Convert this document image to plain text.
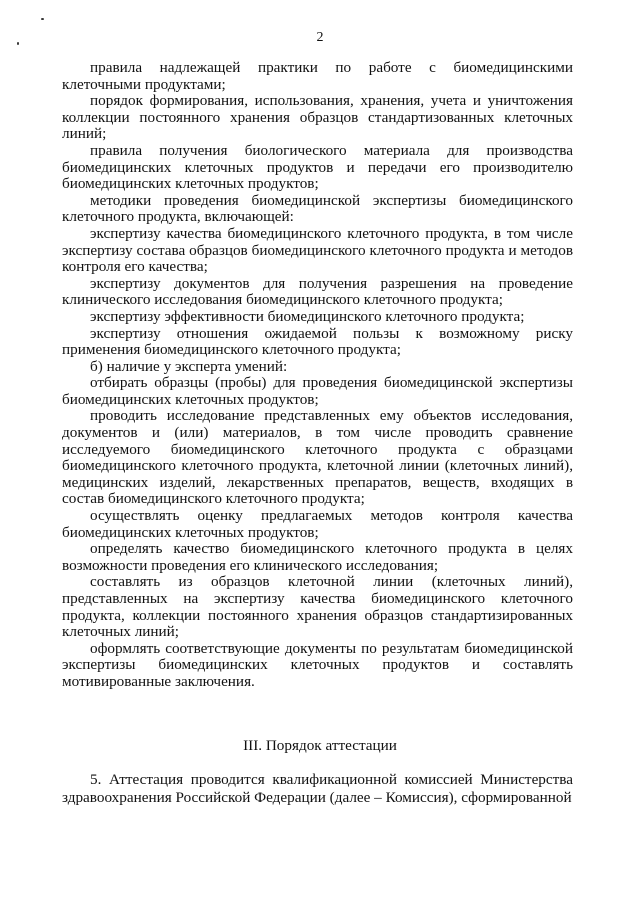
2

правила надлежащей практики по работе с биомедицинскими клеточными продуктами;

порядок формирования, использования, хранения, учета и уничтожения коллекции постоянного хранения образцов стандартизованных клеточных линий;

правила получения биологического материала для производства биомедицинских клеточных продуктов и передачи его производителю биомедицинских клеточных продуктов;

методики проведения биомедицинской экспертизы биомедицинского клеточного продукта, включающей:

экспертизу качества биомедицинского клеточного продукта, в том числе экспертизу состава образцов биомедицинского клеточного продукта и методов контроля его качества;

экспертизу документов для получения разрешения на проведение клинического исследования биомедицинского клеточного продукта;

экспертизу эффективности биомедицинского клеточного продукта;

экспертизу отношения ожидаемой пользы к возможному риску применения биомедицинского клеточного продукта;

б) наличие у эксперта умений:

отбирать образцы (пробы) для проведения биомедицинской экспертизы биомедицинских клеточных продуктов;

проводить исследование представленных ему объектов исследования, документов и (или) материалов, в том числе проводить сравнение исследуемого биомедицинского клеточного продукта с образцами биомедицинского клеточного продукта, клеточной линии (клеточных линий), медицинских изделий, лекарственных препаратов, веществ, входящих в состав биомедицинского клеточного продукта;

осуществлять оценку предлагаемых методов контроля качества биомедицинских клеточных продуктов;

определять качество биомедицинского клеточного продукта в целях возможности проведения его клинического исследования;

составлять из образцов клеточной линии (клеточных линий), представленных на экспертизу качества биомедицинского клеточного продукта, коллекции постоянного хранения образцов стандартизированных клеточных линий;

оформлять соответствующие документы по результатам биомедицинской экспертизы биомедицинских клеточных продуктов и составлять мотивированные заключения.

III. Порядок аттестации

5. Аттестация проводится квалификационной комиссией Министерства здравоохранения Российской Федерации (далее – Комиссия), сформированной
